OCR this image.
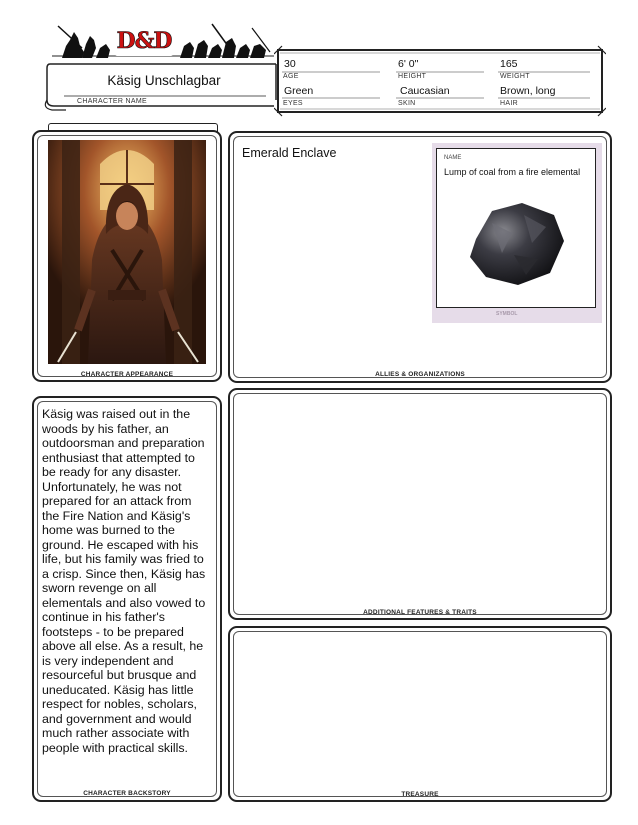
D&D
Käsig Unschlagbar
CHARACTER NAME
30
AGE
6' 0"
HEIGHT
165
WEIGHT
Green
EYES
Caucasian
SKIN
Brown, long
HAIR
CHARACTER APPEARANCE
Emerald Enclave	NAME
Lump of coal from a fire elemental
SYMBOL
ALLIES & ORGANIZATIONS
CHARACTER BACKSTORY
Käsig was raised out in the woods by his father, an outdoorsman and preparation enthusiast that attempted to be ready for any disaster. Unfortunately, he was not prepared for an attack from the Fire Nation and Käsig's home was burned to the ground. He escaped with his life, but his family was fried to a crisp. Since then, Käsig has sworn revenge on all elementals and also vowed to continue in his father's footsteps - to be prepared above all else. As a result, he is very independent and resourceful but brusque and uneducated. Käsig has little respect for nobles, scholars, and government and would much rather associate with people with practical skills.
ADDITIONAL FEATURES & TRAITS
TREASURE
